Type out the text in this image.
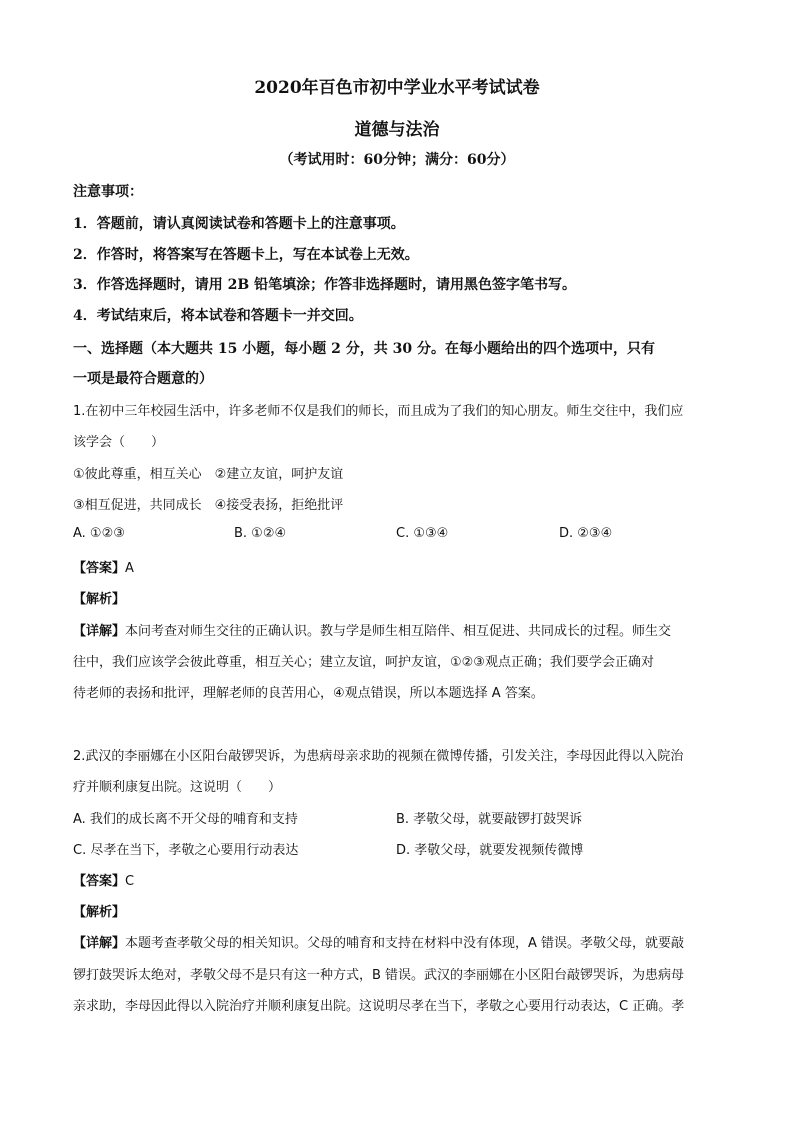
2020年百色市初中学业水平考试试卷
道德与法治
（考试用时：60分钟；满分：60分）
注意事项：
1．答题前，请认真阅读试卷和答题卡上的注意事项。
2．作答时，将答案写在答题卡上，写在本试卷上无效。
3．作答选择题时，请用 2B 铅笔填涂；作答非选择题时，请用黑色签字笔书写。
4．考试结束后，将本试卷和答题卡一并交回。
一、选择题（本大题共 15 小题，每小题 2 分，共 30 分。在每小题给出的四个选项中，只有
一项是最符合题意的）
1.在初中三年校园生活中，许多老师不仅是我们的师长，而且成为了我们的知心朋友。师生交往中，我们应
该学会（　　）
①彼此尊重，相互关心　②建立友谊，呵护友谊
③相互促进，共同成长　④接受表扬，拒绝批评
A. ①②③	B. ①②④	C. ①③④	D. ②③④
【答案】A
【解析】
【详解】本问考查对师生交往的正确认识。教与学是师生相互陪伴、相互促进、共同成长的过程。师生交
往中，我们应该学会彼此尊重，相互关心；建立友谊，呵护友谊，①②③观点正确；我们要学会正确对
待老师的表扬和批评，理解老师的良苦用心，④观点错误，所以本题选择 A 答案。
2.武汉的李丽娜在小区阳台敲锣哭诉，为患病母亲求助的视频在微博传播，引发关注，李母因此得以入院治
疗并顺利康复出院。这说明（　　）
A. 我们的成长离不开父母的哺育和支持	B. 孝敬父母，就要敲锣打鼓哭诉
C. 尽孝在当下，孝敬之心要用行动表达	D. 孝敬父母，就要发视频传微博
【答案】C
【解析】
【详解】本题考查孝敬父母的相关知识。父母的哺育和支持在材料中没有体现，A 错误。孝敬父母，就要敲
锣打鼓哭诉太绝对，孝敬父母不是只有这一种方式，B 错误。武汉的李丽娜在小区阳台敲锣哭诉，为患病母
亲求助，李母因此得以入院治疗并顺利康复出院。这说明尽孝在当下，孝敬之心要用行动表达，C 正确。孝
